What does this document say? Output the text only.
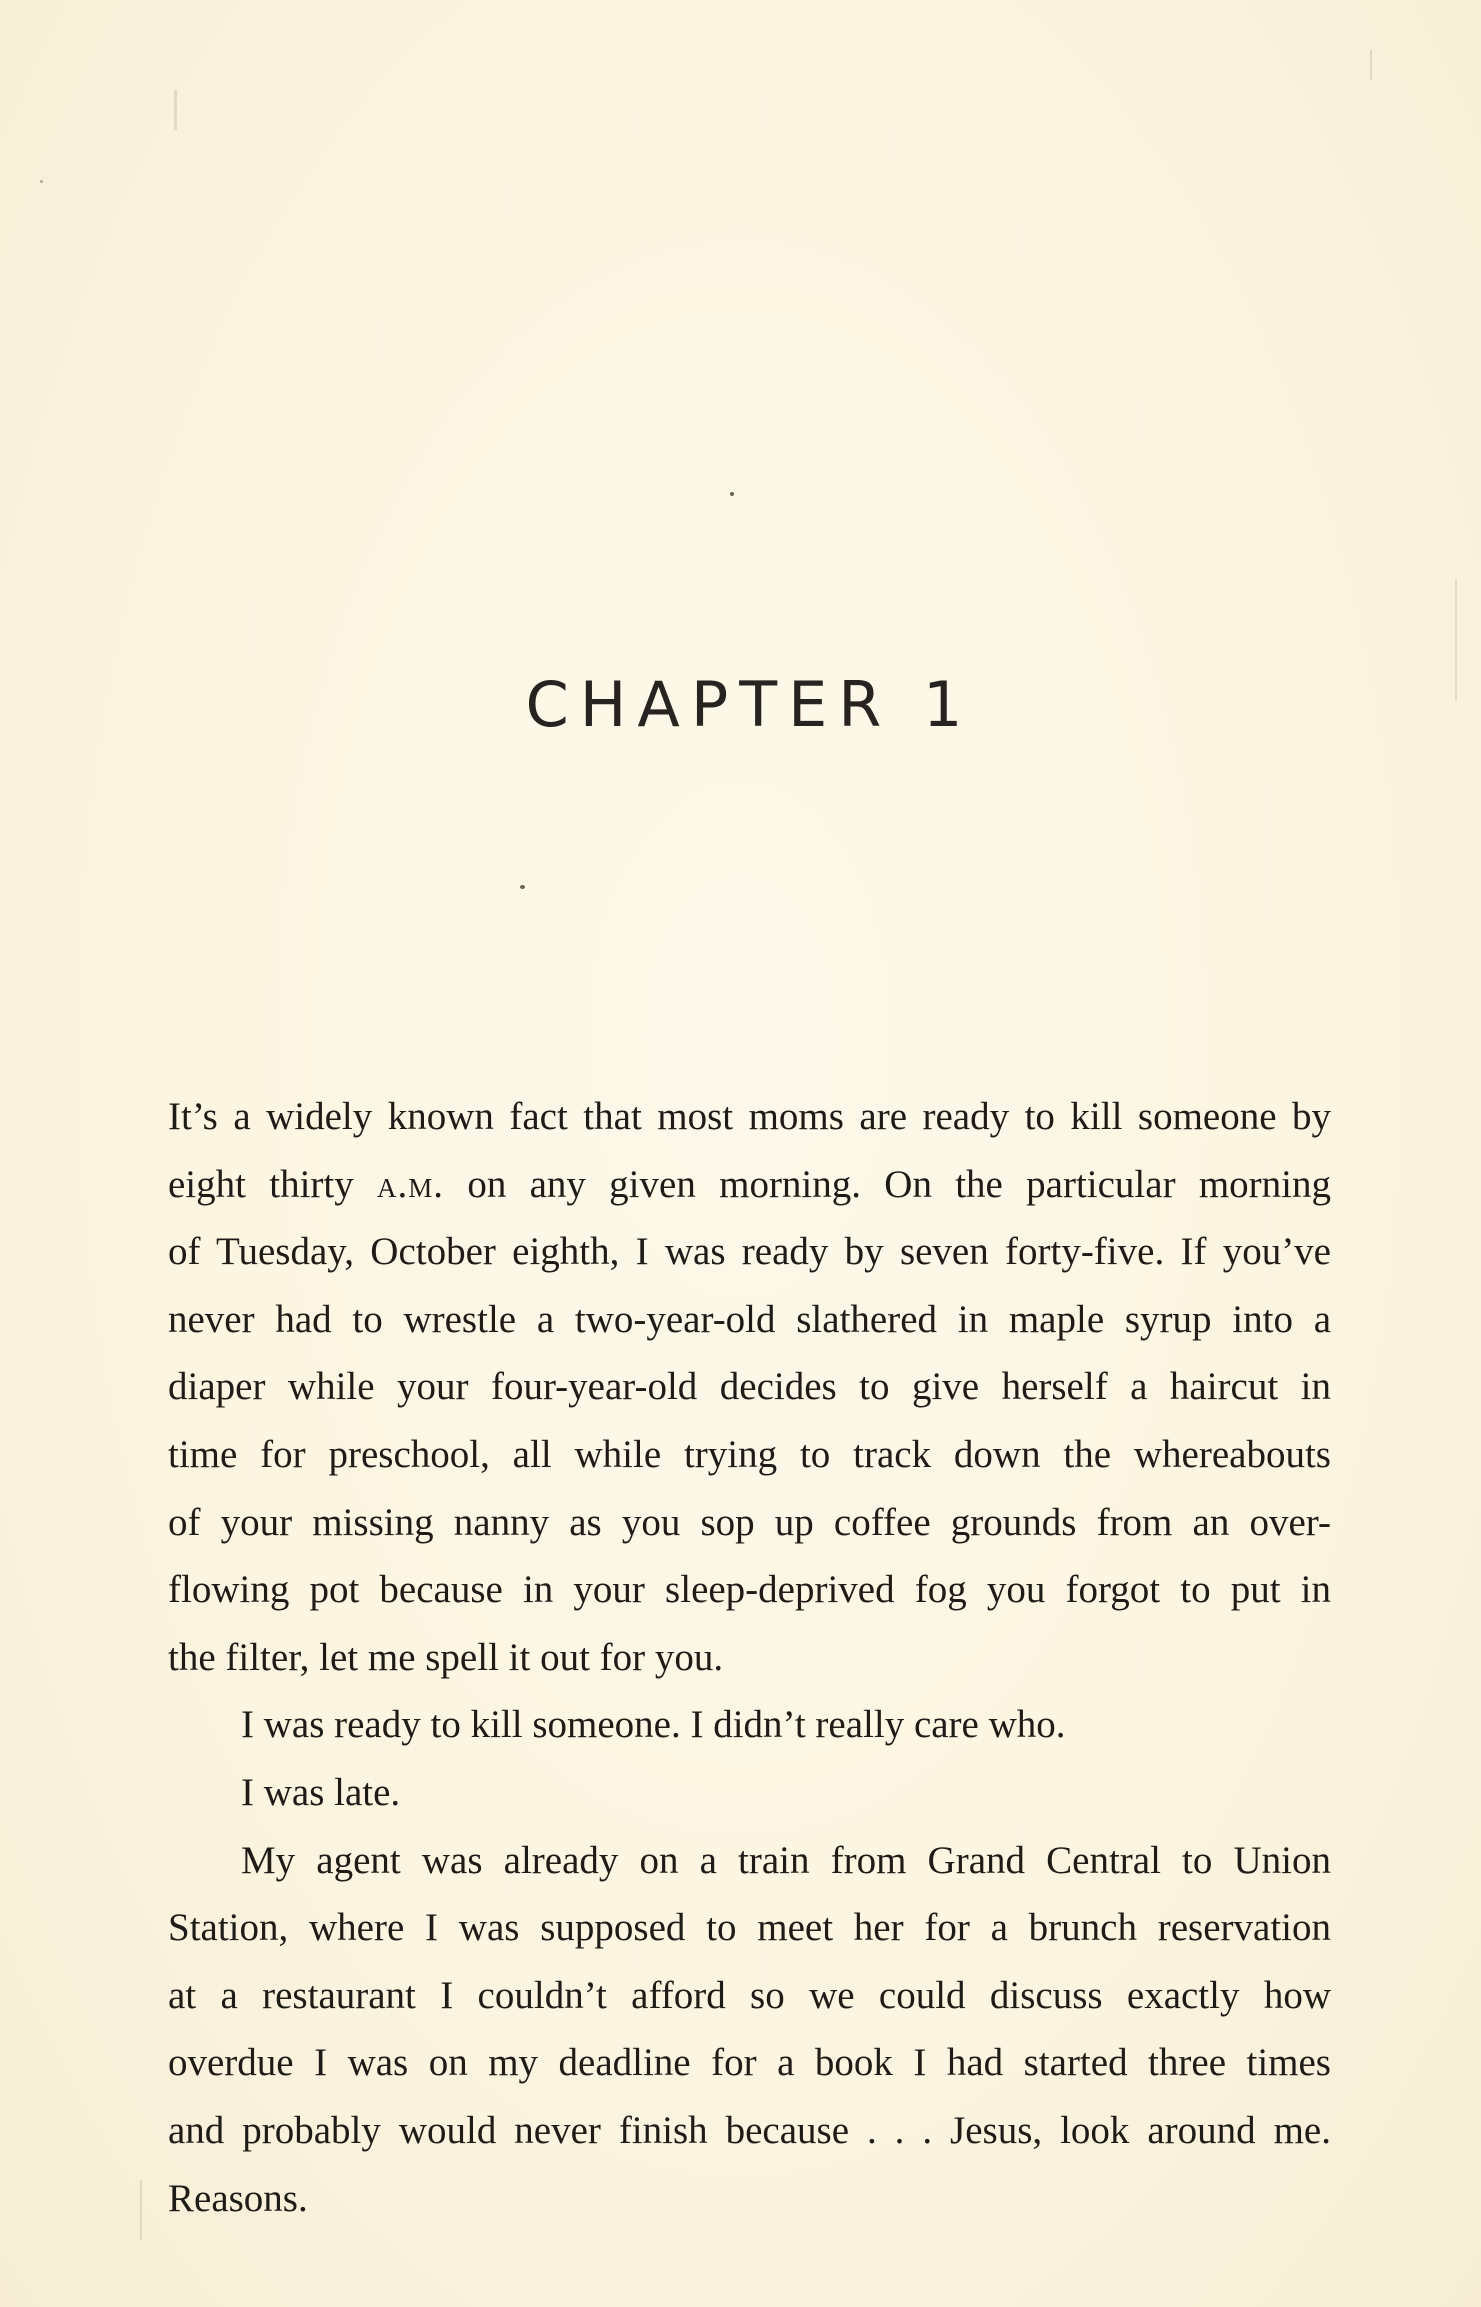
CHAPTER 1
It’s a widely known fact that most moms are ready to kill someone by
eight thirty a.m. on any given morning. On the particular morning
of Tuesday, October eighth, I was ready by seven forty-five. If you’ve
never had to wrestle a two-year-old slathered in maple syrup into a
diaper while your four-year-old decides to give herself a haircut in
time for preschool, all while trying to track down the whereabouts
of your missing nanny as you sop up coffee grounds from an over-
flowing pot because in your sleep-deprived fog you forgot to put in
the filter, let me spell it out for you.
I was ready to kill someone. I didn’t really care who.
I was late.
My agent was already on a train from Grand Central to Union
Station, where I was supposed to meet her for a brunch reservation
at a restaurant I couldn’t afford so we could discuss exactly how
overdue I was on my deadline for a book I had started three times
and probably would never finish because . . . Jesus, look around me.
Reasons.
